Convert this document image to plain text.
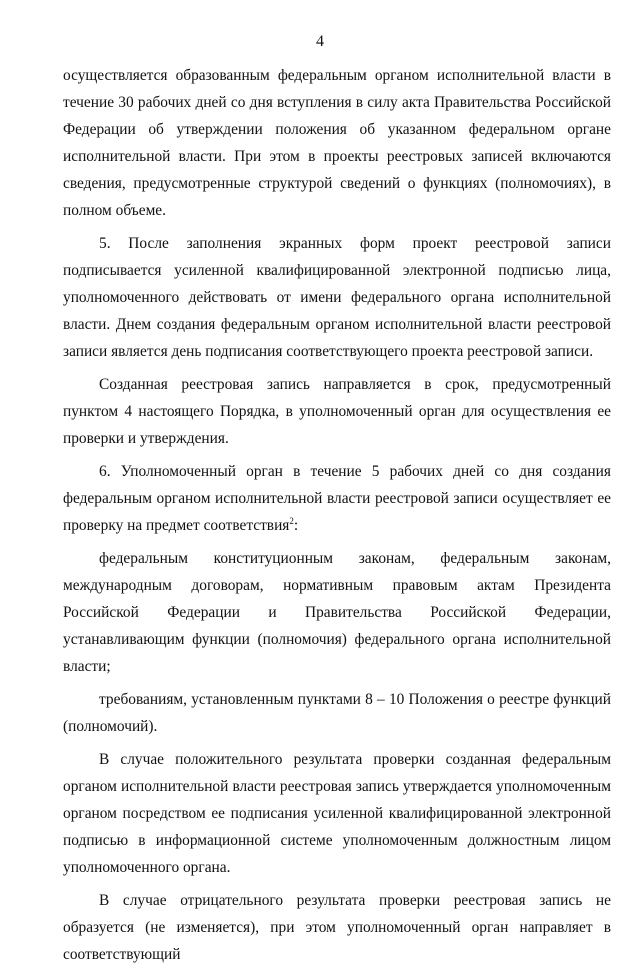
4

осуществляется образованным федеральным органом исполнительной власти в течение 30 рабочих дней со дня вступления в силу акта Правительства Российской Федерации об утверждении положения об указанном федеральном органе исполнительной власти. При этом в проекты реестровых записей включаются сведения, предусмотренные структурой сведений о функциях (полномочиях), в полном объеме.

5. После заполнения экранных форм проект реестровой записи подписывается усиленной квалифицированной электронной подписью лица, уполномоченного действовать от имени федерального органа исполнительной власти. Днем создания федеральным органом исполнительной власти реестровой записи является день подписания соответствующего проекта реестровой записи.

Созданная реестровая запись направляется в срок, предусмотренный пунктом 4 настоящего Порядка, в уполномоченный орган для осуществления ее проверки и утверждения.

6. Уполномоченный орган в течение 5 рабочих дней со дня создания федеральным органом исполнительной власти реестровой записи осуществляет ее проверку на предмет соответствия$^2$:

федеральным конституционным законам, федеральным законам, международным договорам, нормативным правовым актам Президента Российской Федерации и Правительства Российской Федерации, устанавливающим функции (полномочия) федерального органа исполнительной власти;

требованиям, установленным пунктами 8 – 10 Положения о реестре функций (полномочий).

В случае положительного результата проверки созданная федеральным органом исполнительной власти реестровая запись утверждается уполномоченным органом посредством ее подписания усиленной квалифицированной электронной подписью в информационной системе уполномоченным должностным лицом уполномоченного органа.

В случае отрицательного результата проверки реестровая запись не образуется (не изменяется), при этом уполномоченный орган направляет в соответствующий
